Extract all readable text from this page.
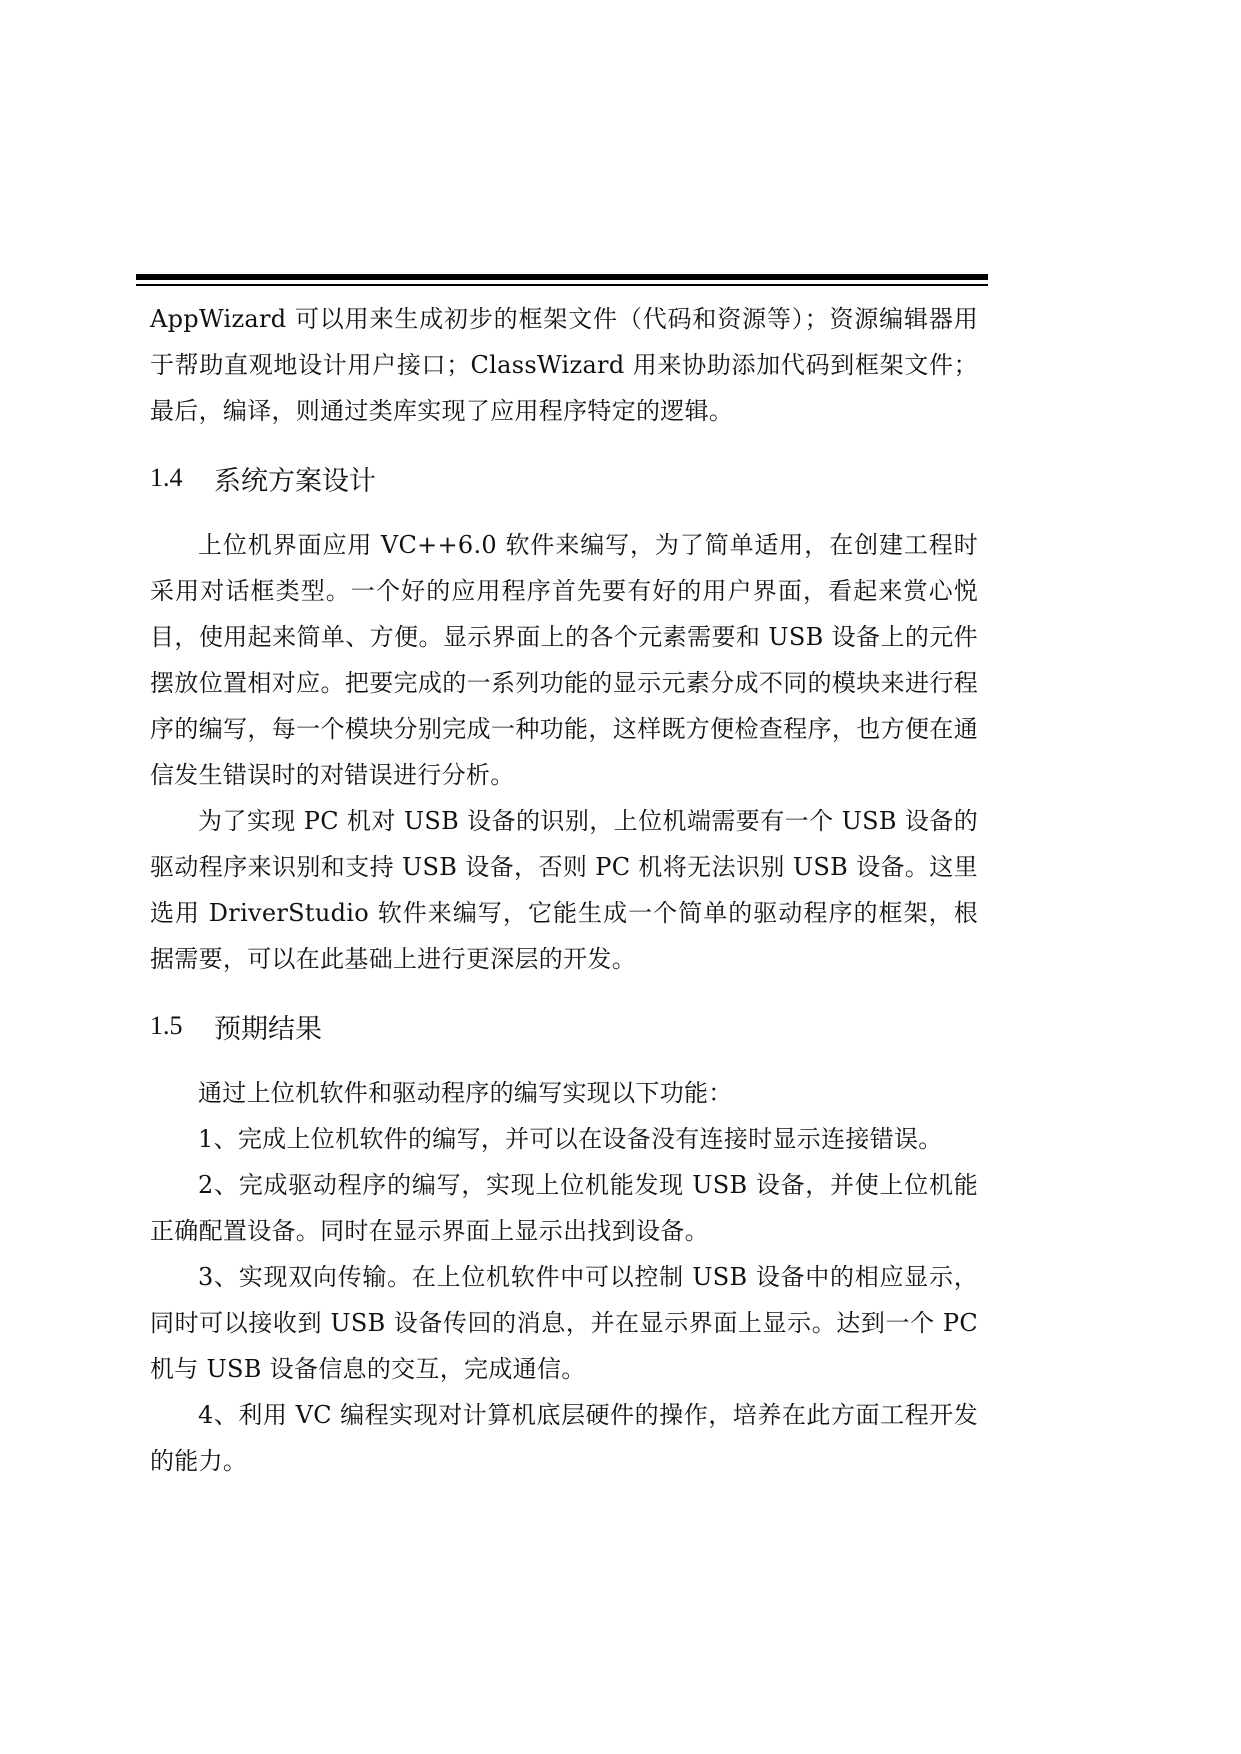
AppWizard 可以用来生成初步的框架文件（代码和资源等）；资源编辑器用于帮助直观地设计用户接口；ClassWizard 用来协助添加代码到框架文件；最后，编译，则通过类库实现了应用程序特定的逻辑。

1.4	系统方案设计

上位机界面应用 VC++6.0 软件来编写，为了简单适用，在创建工程时采用对话框类型。一个好的应用程序首先要有好的用户界面，看起来赏心悦目，使用起来简单、方便。显示界面上的各个元素需要和 USB 设备上的元件摆放位置相对应。把要完成的一系列功能的显示元素分成不同的模块来进行程序的编写，每一个模块分别完成一种功能，这样既方便检查程序，也方便在通信发生错误时的对错误进行分析。

为了实现 PC 机对 USB 设备的识别，上位机端需要有一个 USB 设备的驱动程序来识别和支持 USB 设备，否则 PC 机将无法识别 USB 设备。这里选用 DriverStudio 软件来编写，它能生成一个简单的驱动程序的框架，根据需要，可以在此基础上进行更深层的开发。

1.5	预期结果

通过上位机软件和驱动程序的编写实现以下功能：

1、完成上位机软件的编写，并可以在设备没有连接时显示连接错误。

2、完成驱动程序的编写，实现上位机能发现 USB 设备，并使上位机能正确配置设备。同时在显示界面上显示出找到设备。

3、实现双向传输。在上位机软件中可以控制 USB 设备中的相应显示，同时可以接收到 USB 设备传回的消息，并在显示界面上显示。达到一个 PC 机与 USB 设备信息的交互，完成通信。

4、利用 VC 编程实现对计算机底层硬件的操作，培养在此方面工程开发的能力。
